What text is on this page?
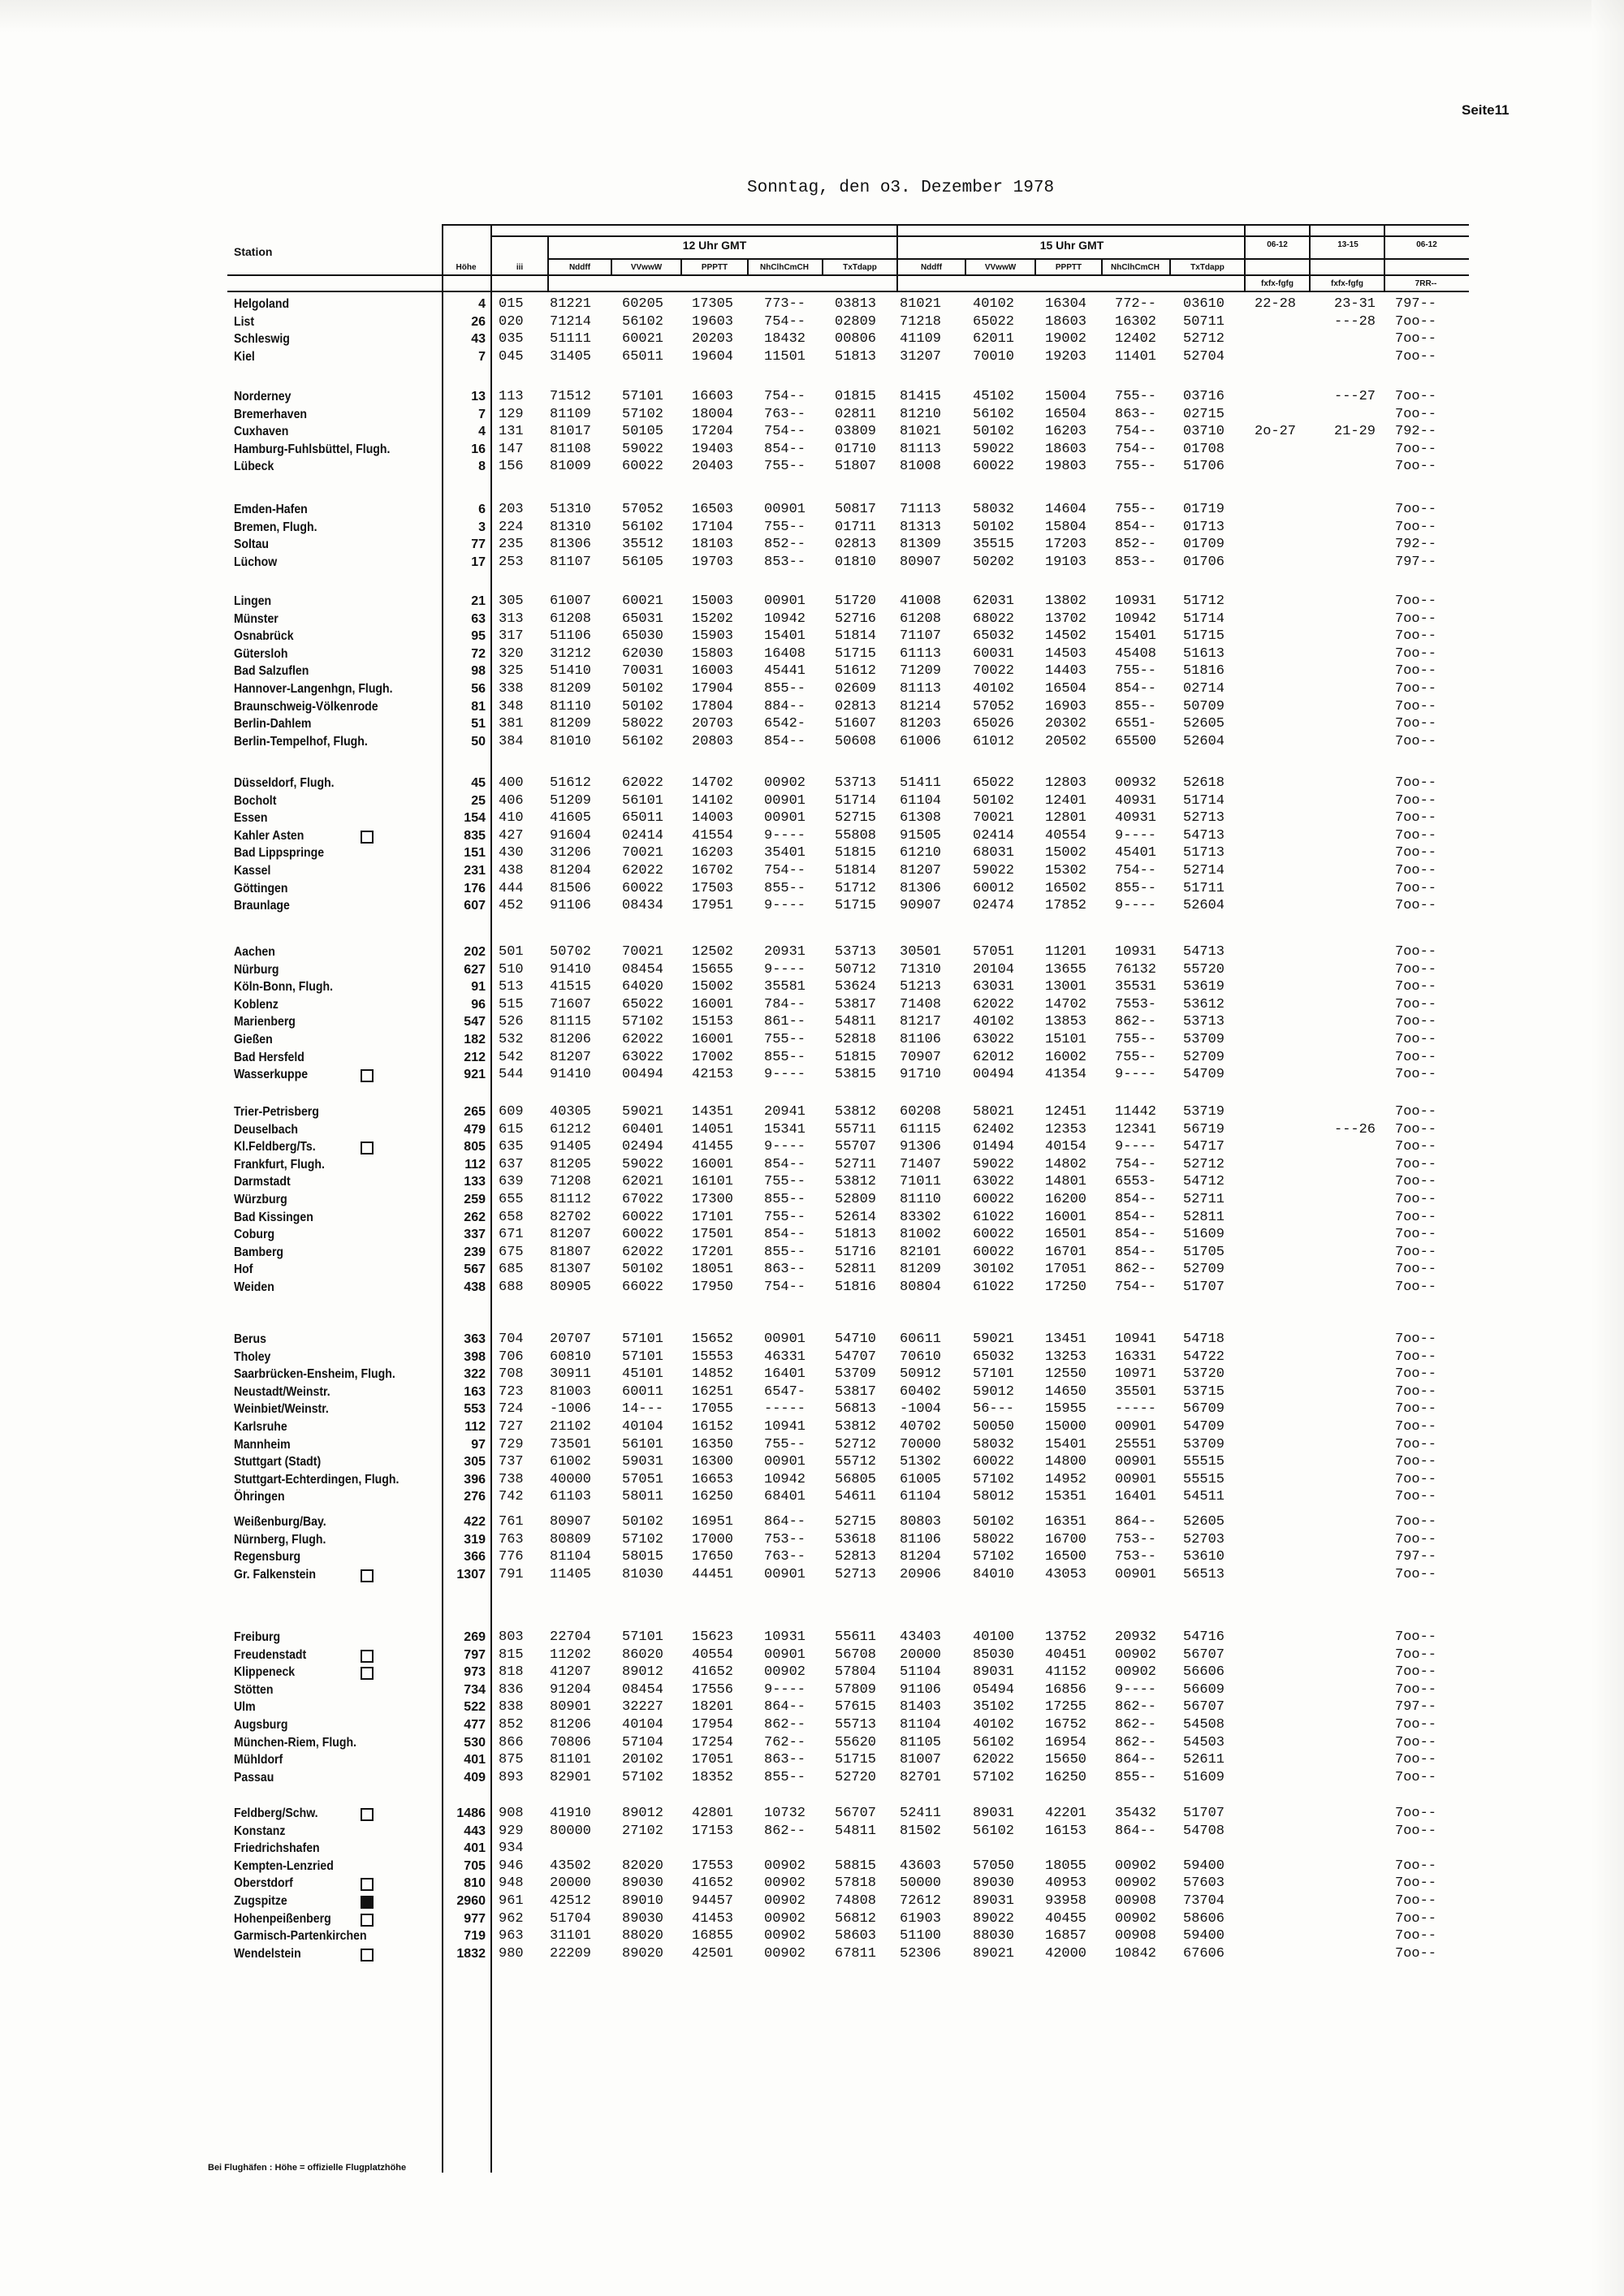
Seite11
Sonntag, den o3. Dezember 1978
Station
Höhe	iii
12 Uhr GMT	15 Uhr GMT	06-12	13-15	06-12
Nddff	VVwwW	PPPTT	NhClhCmCH	TxTdapp	Nddff	VVwwW	PPPTT	NhClhCmCH	TxTdapp
fxfx-fgfg	fxfx-fgfg	7RR--
Helgoland	4 015	81221 60205 17305 773-- 03813 81021 40102 16304 772-- 03610 22-28	23-31 797--
List	26 020	71214 56102 19603 754-- 02809 71218 65022 18603 16302 50711	---28 7oo--
Schleswig	43 035	51111 60021 20203 18432 00806 41109 62011 19002 12402 52712	7oo--
Kiel	7 045	31405 65011 19604 11501 51813 31207 70010 19203 11401 52704	7oo--
Norderney	13 113	71512 57101 16603 754-- 01815 81415 45102 15004 755-- 03716	---27 7oo--
Bremerhaven	7 129	81109 57102 18004 763-- 02811 81210 56102 16504 863-- 02715	7oo--
Cuxhaven	4 131	81017 50105 17204 754-- 03809 81021 50102 16203 754-- 03710 2o-27	21-29 792--
Hamburg-Fuhlsbüttel, Flugh.	16 147	81108 59022 19403 854-- 01710 81113 59022 18603 754-- 01708	7oo--
Lübeck	8 156	81009 60022 20403 755-- 51807 81008 60022 19803 755-- 51706	7oo--
Emden-Hafen	6 203	51310 57052 16503 00901 50817 71113 58032 14604 755-- 01719	7oo--
Bremen, Flugh.	3 224	81310 56102 17104 755-- 01711 81313 50102 15804 854-- 01713	7oo--
Soltau	77 235	81306 35512 18103 852-- 02813 81309 35515 17203 852-- 01709	792--
Lüchow	17 253	81107 56105 19703 853-- 01810 80907 50202 19103 853-- 01706	797--
Lingen	21 305	61007 60021 15003 00901 51720 41008 62031 13802 10931 51712	7oo--
Münster	63 313	61208 65031 15202 10942 52716 61208 68022 13702 10942 51714	7oo--
Osnabrück	95 317	51106 65030 15903 15401 51814 71107 65032 14502 15401 51715	7oo--
Gütersloh	72 320	31212 62030 15803 16408 51715 61113 60031 14503 45408 51613	7oo--
Bad Salzuflen	98 325	51410 70031 16003 45441 51612 71209 70022 14403 755-- 51816	7oo--
Hannover-Langenhgn, Flugh.	56 338	81209 50102 17904 855-- 02609 81113 40102 16504 854-- 02714	7oo--
Braunschweig-Völkenrode	81 348	81110 50102 17804 884-- 02813 81214 57052 16903 855-- 50709	7oo--
Berlin-Dahlem	51 381	81209 58022 20703 6542- 51607 81203 65026 20302 6551- 52605	7oo--
Berlin-Tempelhof, Flugh.	50 384	81010 56102 20803 854-- 50608 61006 61012 20502 65500 52604	7oo--
Düsseldorf, Flugh.	45 400	51612 62022 14702 00902 53713 51411 65022 12803 00932 52618	7oo--
Bocholt	25 406	51209 56101 14102 00901 51714 61104 50102 12401 40931 51714	7oo--
Essen	154 410	41605 65011 14003 00901 52715 61308 70021 12801 40931 52713	7oo--
Kahler Asten	835 427	91604 02414 41554 9---- 55808 91505 02414 40554 9---- 54713	7oo--
Bad Lippspringe	151 430	31206 70021 16203 35401 51815 61210 68031 15002 45401 51713	7oo--
Kassel	231 438	81204 62022 16702 754-- 51814 81207 59022 15302 754-- 52714	7oo--
Göttingen	176 444	81506 60022 17503 855-- 51712 81306 60012 16502 855-- 51711	7oo--
Braunlage	607 452	91106 08434 17951 9---- 51715 90907 02474 17852 9---- 52604	7oo--
Aachen	202 501	50702 70021 12502 20931 53713 30501 57051 11201 10931 54713	7oo--
Nürburg	627 510	91410 08454 15655 9---- 50712 71310 20104 13655 76132 55720	7oo--
Köln-Bonn, Flugh.	91 513	41515 64020 15002 35581 53624 51213 63031 13001 35531 53619	7oo--
Koblenz	96 515	71607 65022 16001 784-- 53817 71408 62022 14702 7553- 53612	7oo--
Marienberg	547 526	81115 57102 15153 861-- 54811 81217 40102 13853 862-- 53713	7oo--
Gießen	182 532	81206 62022 16001 755-- 52818 81106 63022 15101 755-- 53709	7oo--
Bad Hersfeld	212 542	81207 63022 17002 855-- 51815 70907 62012 16002 755-- 52709	7oo--
Wasserkuppe	921 544	91410 00494 42153 9---- 53815 91710 00494 41354 9---- 54709	7oo--
Trier-Petrisberg	265 609	40305 59021 14351 20941 53812 60208 58021 12451 11442 53719	7oo--
Deuselbach	479 615	61212 60401 14051 15341 55711 61115 62402 12353 12341 56719	---26 7oo--
Kl.Feldberg/Ts.	805 635	91405 02494 41455 9---- 55707 91306 01494 40154 9---- 54717	7oo--
Frankfurt, Flugh.	112 637	81205 59022 16001 854-- 52711 71407 59022 14802 754-- 52712	7oo--
Darmstadt	133 639	71208 62021 16101 755-- 53812 71011 63022 14801 6553- 54712	7oo--
Würzburg	259 655	81112 67022 17300 855-- 52809 81110 60022 16200 854-- 52711	7oo--
Bad Kissingen	262 658	82702 60022 17101 755-- 52614 83302 61022 16001 854-- 52811	7oo--
Coburg	337 671	81207 60022 17501 854-- 51813 81002 60022 16501 854-- 51609	7oo--
Bamberg	239 675	81807 62022 17201 855-- 51716 82101 60022 16701 854-- 51705	7oo--
Hof	567 685	81307 50102 18051 863-- 52811 81209 30102 17051 862-- 52709	7oo--
Weiden	438 688	80905 66022 17950 754-- 51816 80804 61022 17250 754-- 51707	7oo--
Berus	363 704	20707 57101 15652 00901 54710 60611 59021 13451 10941 54718	7oo--
Tholey	398 706	60810 57101 15553 46331 54707 70610 65032 13253 16331 54722	7oo--
Saarbrücken-Ensheim, Flugh.	322 708	30911 45101 14852 16401 53709 50912 57101 12550 10971 53720	7oo--
Neustadt/Weinstr.	163 723	81003 60011 16251 6547- 53817 60402 59012 14650 35501 53715	7oo--
Weinbiet/Weinstr.	553 724	-1006 14--- 17055 ----- 56813 -1004 56--- 15955 ----- 56709	7oo--
Karlsruhe	112 727	21102 40104 16152 10941 53812 40702 50050 15000 00901 54709	7oo--
Mannheim	97 729	73501 56101 16350 755-- 52712 70000 58032 15401 25551 53709	7oo--
Stuttgart (Stadt)	305 737	61002 59031 16300 00901 55712 51302 60022 14800 00901 55515	7oo--
Stuttgart-Echterdingen, Flugh.	396 738	40000 57051 16653 10942 56805 61005 57102 14952 00901 55515	7oo--
Öhringen	276 742	61103 58011 16250 68401 54611 61104 58012 15351 16401 54511	7oo--
Weißenburg/Bay.	422 761	80907 50102 16951 864-- 52715 80803 50102 16351 864-- 52605	7oo--
Nürnberg, Flugh.	319 763	80809 57102 17000 753-- 53618 81106 58022 16700 753-- 52703	7oo--
Regensburg	366 776	81104 58015 17650 763-- 52813 81204 57102 16500 753-- 53610	797--
Gr. Falkenstein	1307 791	11405 81030 44451 00901 52713 20906 84010 43053 00901 56513	7oo--
Freiburg	269 803	22704 57101 15623 10931 55611 43403 40100 13752 20932 54716	7oo--
Freudenstadt	797 815	11202 86020 40554 00901 56708 20000 85030 40451 00902 56707	7oo--
Klippeneck	973 818	41207 89012 41652 00902 57804 51104 89031 41152 00902 56606	7oo--
Stötten	734 836	91204 08454 17556 9---- 57809 91106 05494 16856 9---- 56609	7oo--
Ulm	522 838	80901 32227 18201 864-- 57615 81403 35102 17255 862-- 56707	797--
Augsburg	477 852	81206 40104 17954 862-- 55713 81104 40102 16752 862-- 54508	7oo--
München-Riem, Flugh.	530 866	70806 57104 17254 762-- 55620 81105 56102 16954 862-- 54503	7oo--
Mühldorf	401 875	81101 20102 17051 863-- 51715 81007 62022 15650 864-- 52611	7oo--
Passau	409 893	82901 57102 18352 855-- 52720 82701 57102 16250 855-- 51609	7oo--
Feldberg/Schw.	1486 908	41910 89012 42801 10732 56707 52411 89031 42201 35432 51707	7oo--
Konstanz	443 929	80000 27102 17153 862-- 54811 81502 56102 16153 864-- 54708	7oo--
Friedrichshafen	401 934
Kempten-Lenzried	705 946	43502 82020 17553 00902 58815 43603 57050 18055 00902 59400	7oo--
Oberstdorf	810 948	20000 89030 41652 00902 57818 50000 89030 40953 00902 57603	7oo--
Zugspitze	2960 961	42512 89010 94457 00902 74808 72612 89031 93958 00908 73704	7oo--
Hohenpeißenberg	977 962	51704 89030 41453 00902 56812 61903 89022 40455 00902 58606	7oo--
Garmisch-Partenkirchen	719 963	31101 88020 16855 00902 58603 51100 88030 16857 00908 59400	7oo--
Wendelstein	1832 980	22209 89020 42501 00902 67811 52306 89021 42000 10842 67606	7oo--
Bei Flughäfen : Höhe = offizielle Flugplatzhöhe
